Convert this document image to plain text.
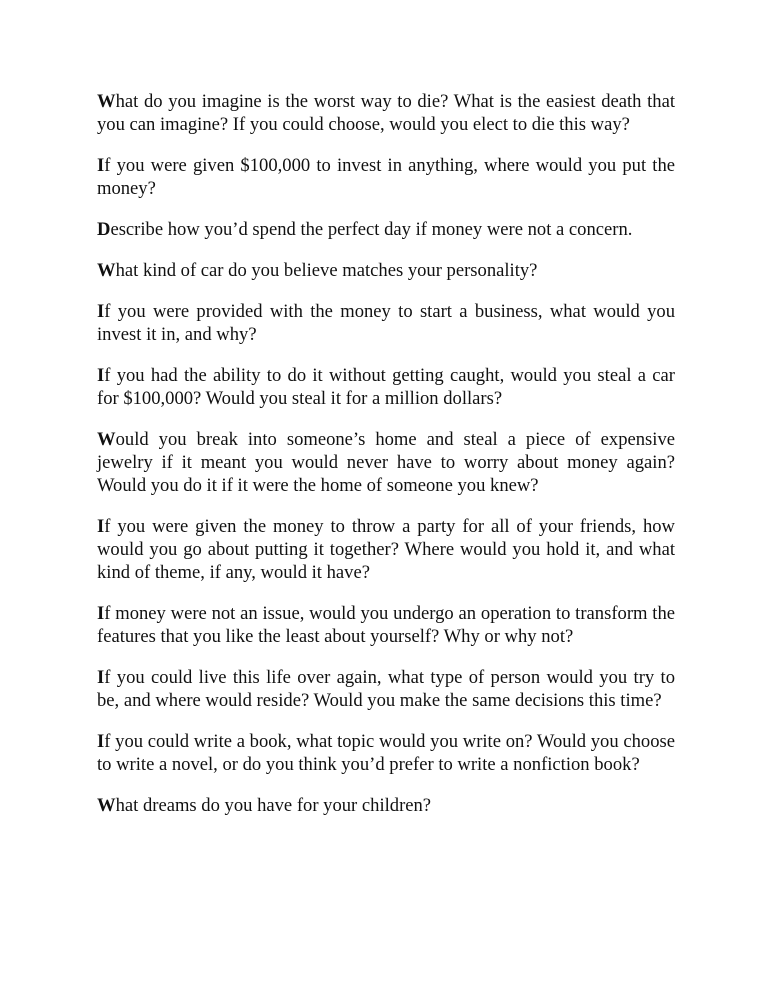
What do you imagine is the worst way to die? What is the easiest death that you can imagine? If you could choose, would you elect to die this way?

If you were given $100,000 to invest in anything, where would you put the money?

Describe how you’d spend the perfect day if money were not a concern.

What kind of car do you believe matches your personality?

If you were provided with the money to start a business, what would you invest it in, and why?

If you had the ability to do it without getting caught, would you steal a car for $100,000? Would you steal it for a million dollars?

Would you break into someone’s home and steal a piece of expensive jewelry if it meant you would never have to worry about money again? Would you do it if it were the home of someone you knew?

If you were given the money to throw a party for all of your friends, how would you go about putting it together? Where would you hold it, and what kind of theme, if any, would it have?

If money were not an issue, would you undergo an operation to transform the features that you like the least about yourself? Why or why not?

If you could live this life over again, what type of person would you try to be, and where would reside? Would you make the same decisions this time?

If you could write a book, what topic would you write on? Would you choose to write a novel, or do you think you’d prefer to write a nonfiction book?

What dreams do you have for your children?
